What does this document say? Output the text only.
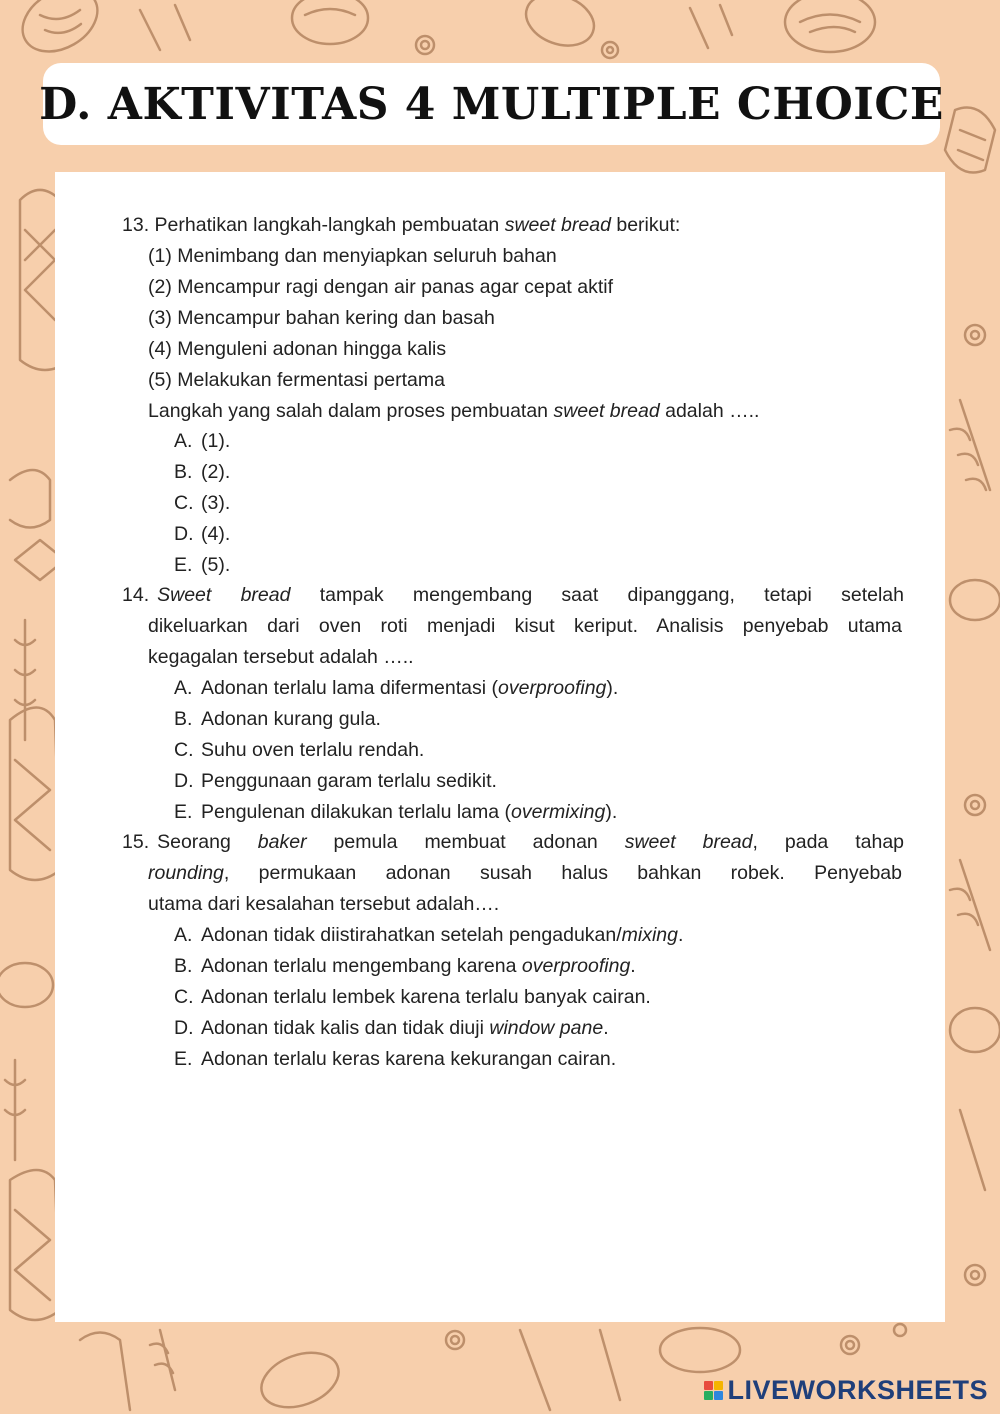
D. AKTIVITAS 4 MULTIPLE CHOICE
13. Perhatikan langkah-langkah pembuatan sweet bread berikut:
(1) Menimbang dan menyiapkan seluruh bahan
(2) Mencampur ragi dengan air panas agar cepat aktif
(3) Mencampur bahan kering dan basah
(4) Menguleni adonan hingga kalis
(5) Melakukan fermentasi pertama
Langkah yang salah dalam proses pembuatan sweet bread adalah …..
A. (1).
B. (2).
C. (3).
D. (4).
E. (5).
14. Sweet bread tampak mengembang saat dipanggang, tetapi setelah
dikeluarkan dari oven roti menjadi kisut keriput. Analisis penyebab utama
kegagalan tersebut adalah …..
A. Adonan terlalu lama difermentasi (overproofing).
B. Adonan kurang gula.
C. Suhu oven terlalu rendah.
D. Penggunaan garam terlalu sedikit.
E. Pengulenan dilakukan terlalu lama (overmixing).
15. Seorang baker pemula membuat adonan sweet bread, pada tahap
rounding, permukaan adonan susah halus bahkan robek. Penyebab
utama dari kesalahan tersebut adalah….
A. Adonan tidak diistirahatkan setelah pengadukan/mixing.
B. Adonan terlalu mengembang karena overproofing.
C. Adonan terlalu lembek karena terlalu banyak cairan.
D. Adonan tidak kalis dan tidak diuji window pane.
E. Adonan terlalu keras karena kekurangan cairan.
LIVEWORKSHEETS
